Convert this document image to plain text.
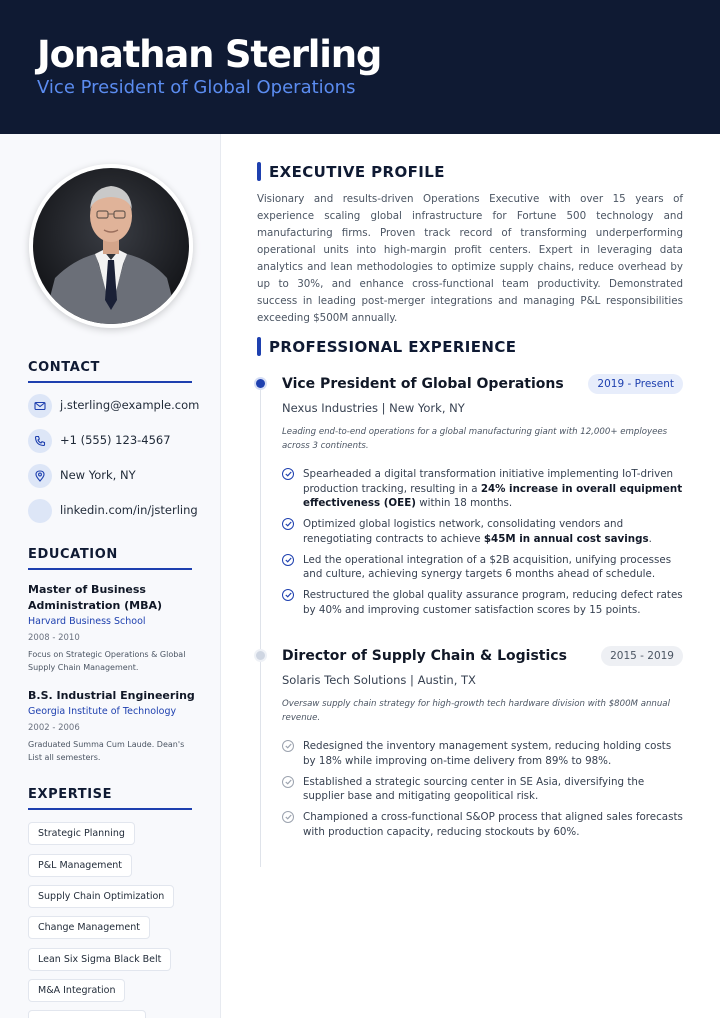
Jonathan Sterling
Vice President of Global Operations
CONTACT
j.sterling@example.com
+1 (555) 123-4567
New York, NY
linkedin.com/in/jsterling
EDUCATION
Master of Business Administration (MBA)
Harvard Business School
2008 - 2010
Focus on Strategic Operations & Global Supply Chain Management.
B.S. Industrial Engineering
Georgia Institute of Technology
2002 - 2006
Graduated Summa Cum Laude. Dean's List all semesters.
EXPERTISE
Strategic Planning
P&L Management
Supply Chain Optimization
Change Management
Lean Six Sigma Black Belt
M&A Integration
EXECUTIVE PROFILE
Visionary and results-driven Operations Executive with over 15 years of experience scaling global infrastructure for Fortune 500 technology and manufacturing firms. Proven track record of transforming underperforming operational units into high-margin profit centers. Expert in leveraging data analytics and lean methodologies to optimize supply chains, reduce overhead by up to 30%, and enhance cross-functional team productivity. Demonstrated success in leading post-merger integrations and managing P&L responsibilities exceeding $500M annually.
PROFESSIONAL EXPERIENCE
Vice President of Global Operations	2019 - Present
Nexus Industries | New York, NY
Leading end-to-end operations for a global manufacturing giant with 12,000+ employees across 3 continents.
Spearheaded a digital transformation initiative implementing IoT-driven production tracking, resulting in a 24% increase in overall equipment effectiveness (OEE) within 18 months.
Optimized global logistics network, consolidating vendors and renegotiating contracts to achieve $45M in annual cost savings.
Led the operational integration of a $2B acquisition, unifying processes and culture, achieving synergy targets 6 months ahead of schedule.
Restructured the global quality assurance program, reducing defect rates by 40% and improving customer satisfaction scores by 15 points.
Director of Supply Chain & Logistics	2015 - 2019
Solaris Tech Solutions | Austin, TX
Oversaw supply chain strategy for high-growth tech hardware division with $800M annual revenue.
Redesigned the inventory management system, reducing holding costs by 18% while improving on-time delivery from 89% to 98%.
Established a strategic sourcing center in SE Asia, diversifying the supplier base and mitigating geopolitical risk.
Championed a cross-functional S&OP process that aligned sales forecasts with production capacity, reducing stockouts by 60%.
